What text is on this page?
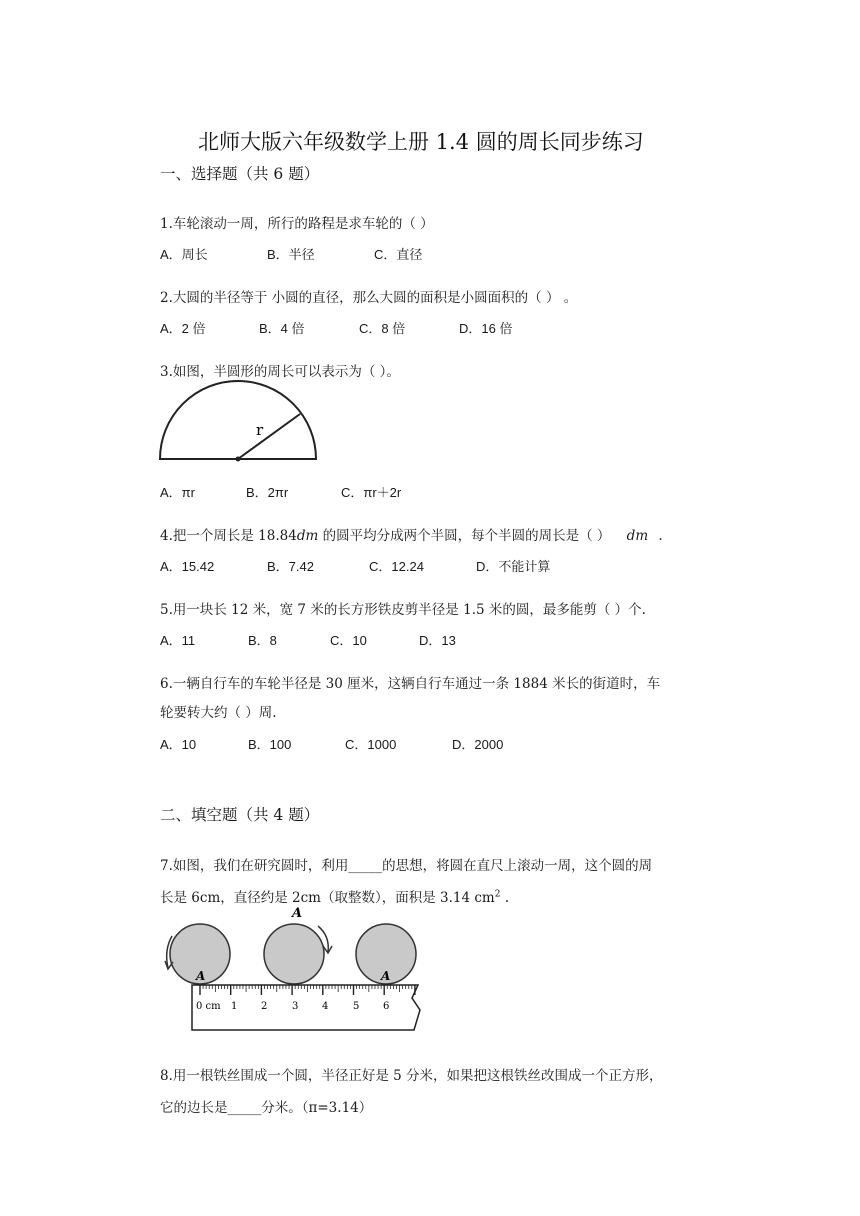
北师大版六年级数学上册 1.4 圆的周长同步练习
一、选择题（共 6 题）
1.车轮滚动一周，所行的路程是求车轮的（ ）
A．周长	B．半径	C．直径
2.大圆的半径等于 小圆的直径，那么大圆的面积是小圆面积的（ ） 。
A．2 倍	B．4 倍	C．8 倍	D．16 倍
3.如图，半圆形的周长可以表示为（ ）。
r
A．πr	B．2πr	C．πr＋2r
4.把一个周长是 18.84dm 的圆平均分成两个半圆，每个半圆的周长是（ ） dm .
A．15.42	B．7.42	C．12.24	D．不能计算
5.用一块长 12 米，宽 7 米的长方形铁皮剪半径是 1.5 米的圆，最多能剪（ ）个.
A．11	B．8	C．10	D．13
6.一辆自行车的车轮半径是 30 厘米，这辆自行车通过一条 1884 米长的街道时，车
轮要转大约（ ）周.
A．10	B．100	C．1000	D．2000
二、填空题（共 4 题）
7.如图，我们在研究圆时，利用_____的思想，将圆在直尺上滚动一周，这个圆的周
长是 6cm，直径约是 2cm（取整数），面积是 3.14 $cm^2$ .
A
A
A
0 cm 1 2 3 4 5 6
8.用一根铁丝围成一个圆，半径正好是 5 分米，如果把这根铁丝改围成一个正方形，
它的边长是_____分米。（π=3.14）
